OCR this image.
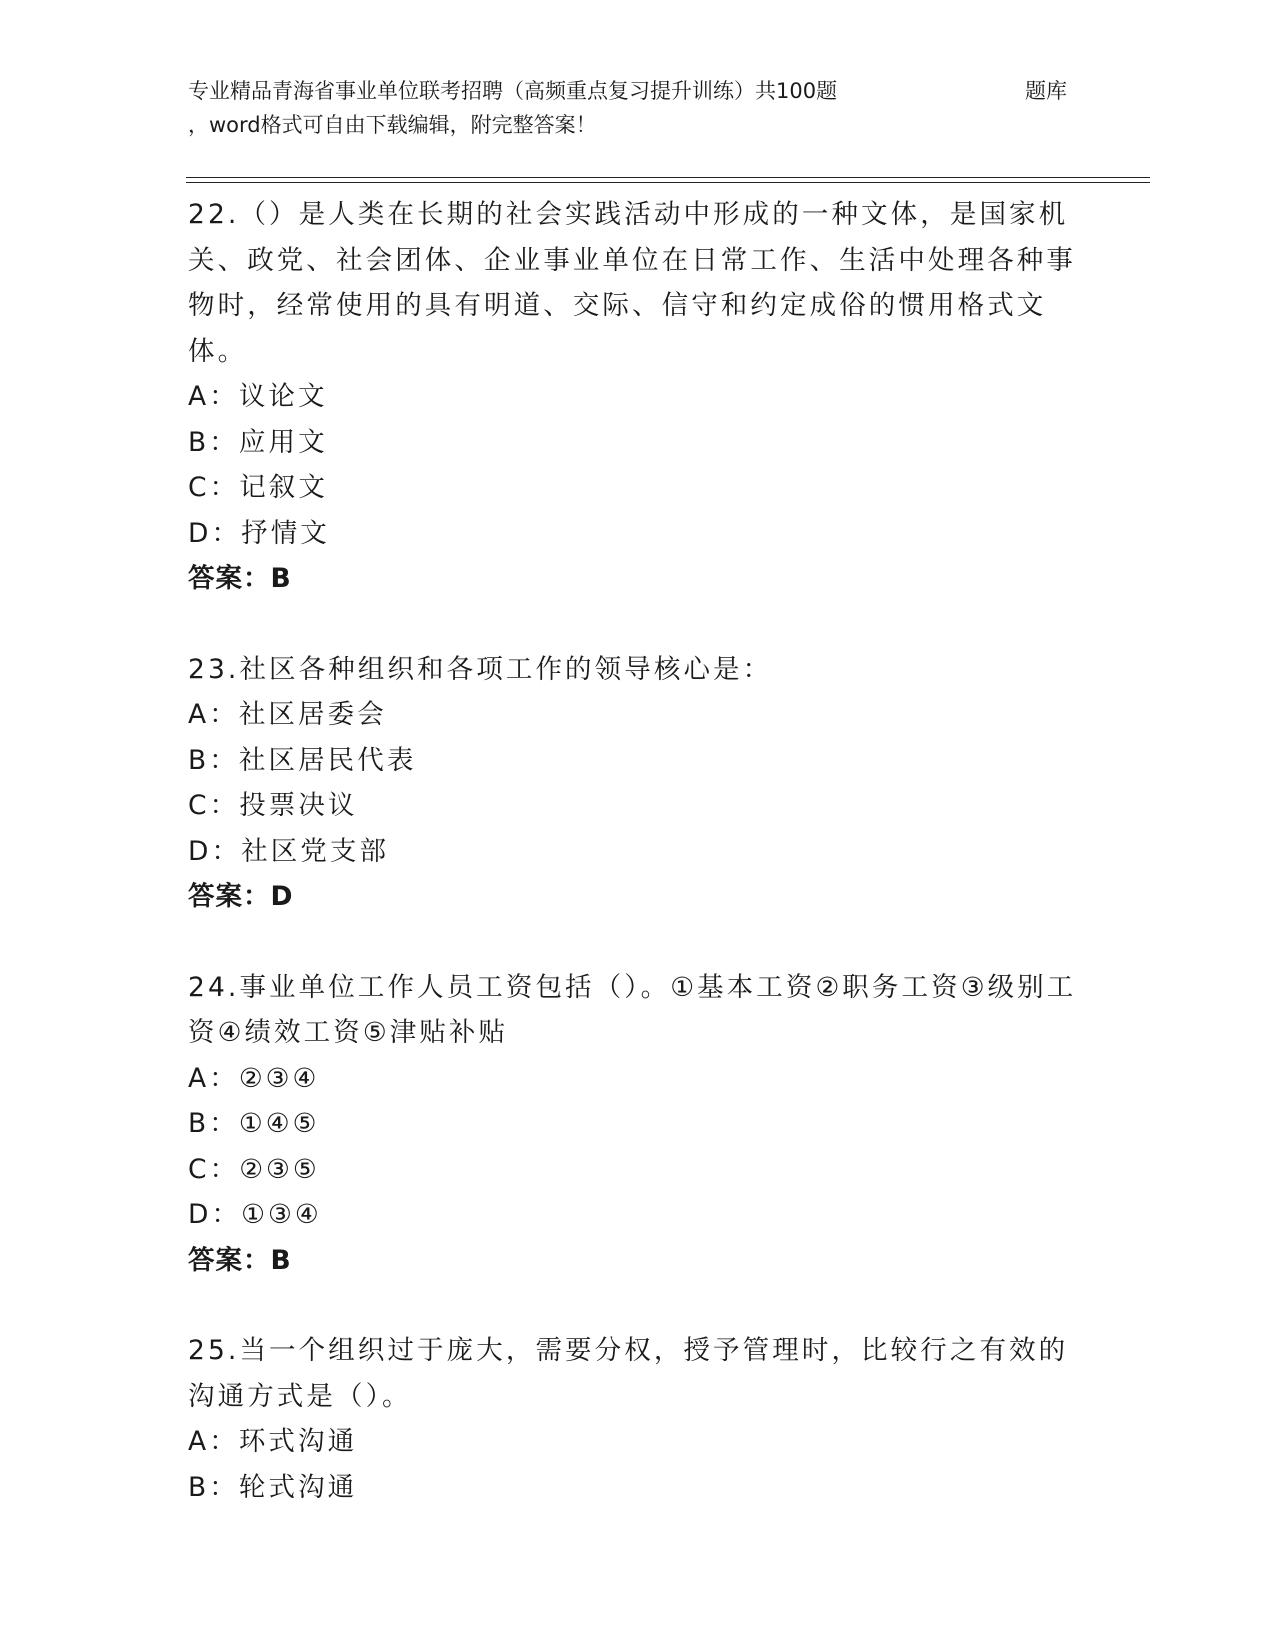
专业精品青海省事业单位联考招聘（高频重点复习提升训练）共100题
，word格式可自由下载编辑，附完整答案！
题库

22.（）是人类在长期的社会实践活动中形成的一种文体，是国家机关、政党、社会团体、企业事业单位在日常工作、生活中处理各种事物时，经常使用的具有明道、交际、信守和约定成俗的惯用格式文体。

A：议论文

B：应用文

C：记叙文

D：抒情文

答案：B

23.社区各种组织和各项工作的领导核心是：

A：社区居委会

B：社区居民代表

C：投票决议

D：社区党支部

答案：D

24.事业单位工作人员工资包括（）。①基本工资②职务工资③级别工资④绩效工资⑤津贴补贴

A：②③④

B：①④⑤

C：②③⑤

D：①③④

答案：B

25.当一个组织过于庞大，需要分权，授予管理时，比较行之有效的沟通方式是（）。

A：环式沟通

B：轮式沟通
